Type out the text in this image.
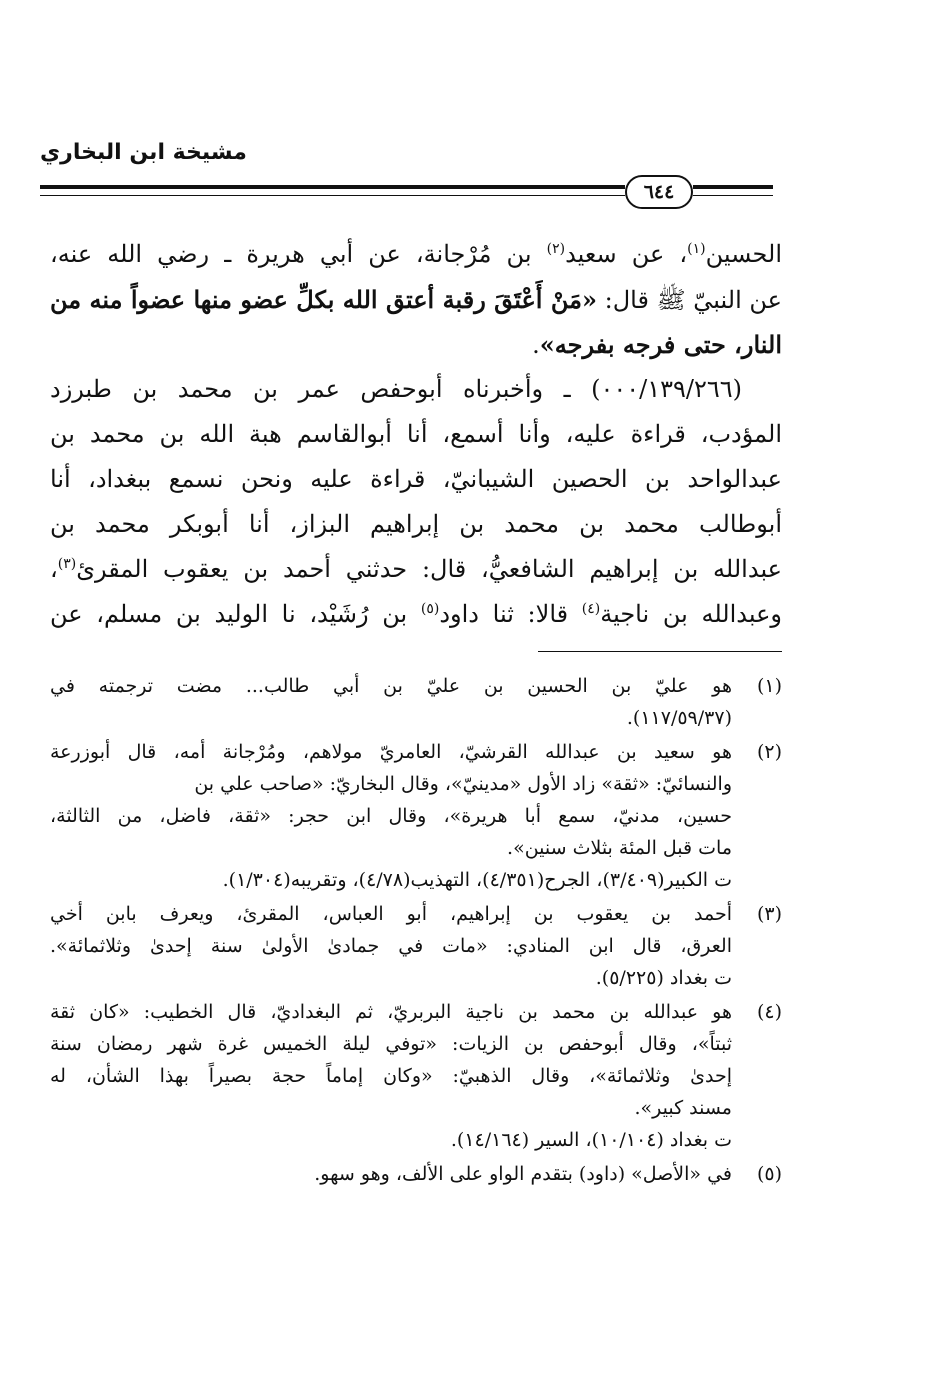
مشيخة ابن البخاري
٦٤٤
الحسين$^{(١)}$، عن سعيد$^{(٢)}$ بن مُرْجانة، عن أبي هريرة ـ رضي الله عنه،
عن النبيّ ﷺ قال: «مَنْ أَعْتَقَ رقبة أعتق الله بكلِّ عضو منها عضواً منه من
النار، حتى فرجه بفرجه».
(٠٠٠/١٣٩/٢٦٦) ـ وأخبرناه أبوحفص عمر بن محمد بن طبرزد
المؤدب، قراءة عليه، وأنا أسمع، أنا أبوالقاسم هبة الله بن محمد بن
عبدالواحد بن الحصين الشيبانيّ، قراءة عليه ونحن نسمع ببغداد، أنا
أبوطالب محمد بن محمد بن إبراهيم البزاز، أنا أبوبكر محمد بن
عبدالله بن إبراهيم الشافعيُّ، قال: حدثني أحمد بن يعقوب المقرئ$^{(٣)}$،
وعبدالله بن ناجية$^{(٤)}$ قالا: ثنا داود$^{(٥)}$ بن رُشَيْد، نا الوليد بن مسلم، عن
(١)
هو عليّ بن الحسين بن عليّ بن أبي طالب... مضت ترجمته في
(١١٧/٥٩/٣٧).
(٢)
هو سعيد بن عبدالله القرشيّ، العامريّ مولاهم، ومُرْجانة أمه، قال أبوزرعة
والنسائيّ: «ثقة» زاد الأول «مدينيّ»، وقال البخاريّ: «صاحب علي بن
حسين، مدنيّ، سمع أبا هريرة»، وقال ابن حجر: «ثقة، فاضل، من الثالثة،
مات قبل المئة بثلاث سنين».
ت الكبير(٣/٤٠٩)، الجرح(٤/٣٥١)، التهذيب(٤/٧٨)، وتقريبه(١/٣٠٤).
(٣)
أحمد بن يعقوب بن إبراهيم، أبو العباس، المقرئ، ويعرف بابن أخي
العرق، قال ابن المنادي: «مات في جمادىٰ الأولىٰ سنة إحدىٰ وثلاثمائة».
ت بغداد (٥/٢٢٥).
(٤)
هو عبدالله بن محمد بن ناجية البربريّ، ثم البغداديّ، قال الخطيب: «كان ثقة
ثبتاً»، وقال أبوحفص بن الزيات: «توفي ليلة الخميس غرة شهر رمضان سنة
إحدىٰ وثلاثمائة»، وقال الذهبيّ: «وكان إماماً حجة بصيراً بهذا الشأن، له
مسند كبير».
ت بغداد (١٠/١٠٤)، السير (١٤/١٦٤).
(٥)
في «الأصل» (داود) بتقدم الواو على الألف، وهو سهو.
